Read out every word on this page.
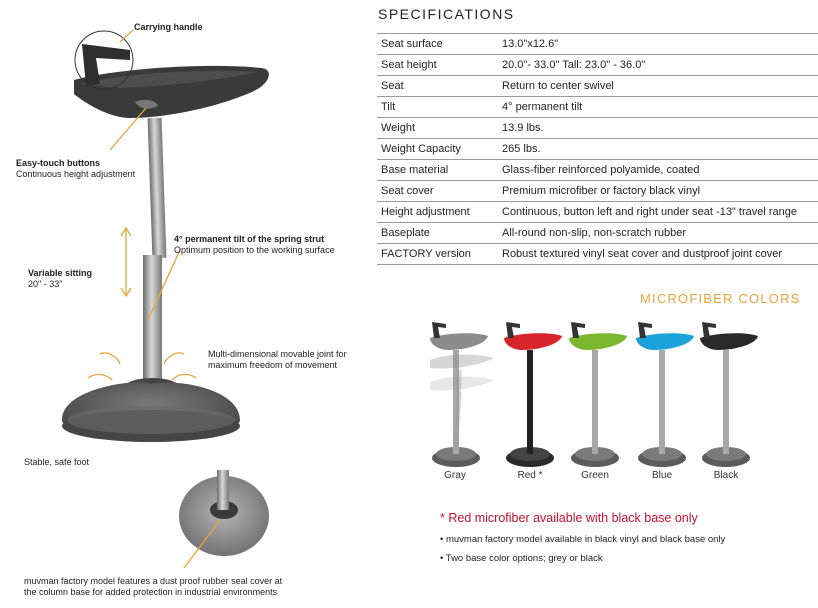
Carrying handle
Easy-touch buttons
Continuous height adjustment
4° permanent tilt of the spring strut
Optimum position to the working surface
Variable sitting
20" - 33"
Multi-dimensional movable joint for
maximum freedom of movement
Stable, safe foot
muvman factory model features a dust proof rubber seal cover at
the column base for added protection in industrial environments
SPECIFICATIONS
Seat surface	13.0"x12.6"
Seat height	20.0"- 33.0" Tall: 23.0" - 36.0"
Seat	Return to center swivel
Tilt	4° permanent tilt
Weight	13.9 lbs.
Weight Capacity	265 lbs.
Base material	Glass-fiber reinforced polyamide, coated
Seat cover	Premium microfiber or factory black vinyl
Height adjustment	Continuous, button left and right under seat -13" travel range
Baseplate	All-round non-slip, non-scratch rubber
FACTORY version	Robust textured vinyl seat cover and dustproof joint cover
MICROFIBER COLORS
Gray	Red *	Green	Blue	Black
* Red microfiber available with black base only
• muvman factory model available in black vinyl and black base only
• Two base color options; grey or black
